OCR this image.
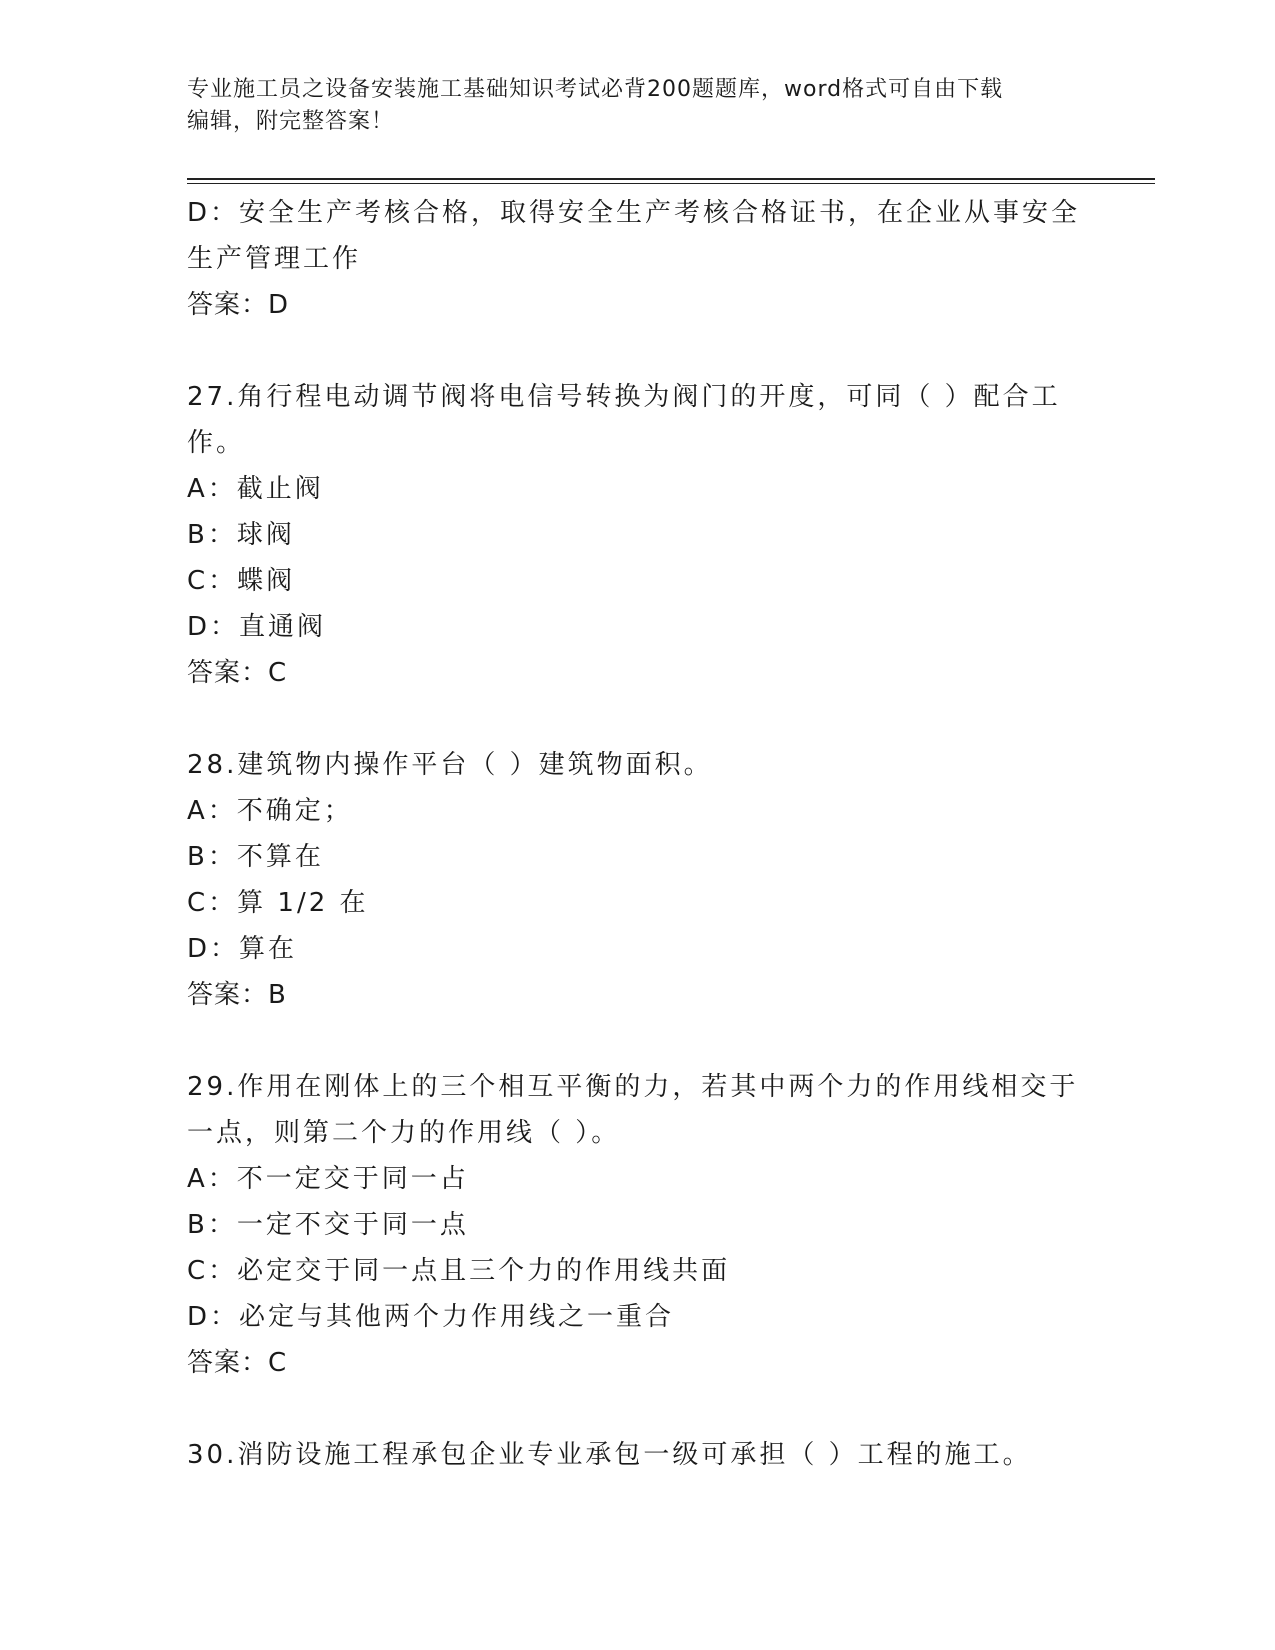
专业施工员之设备安装施工基础知识考试必背200题题库，word格式可自由下载
编辑，附完整答案！
D：安全生产考核合格，取得安全生产考核合格证书，在企业从事安全
生产管理工作
答案：D
27.角行程电动调节阀将电信号转换为阀门的开度，可同（ ）配合工
作。
A：截止阀
B：球阀
C：蝶阀
D：直通阀
答案：C
28.建筑物内操作平台（ ）建筑物面积。
A：不确定；
B：不算在
C：算 1/2 在
D：算在
答案：B
29.作用在刚体上的三个相互平衡的力，若其中两个力的作用线相交于
一点，则第二个力的作用线（ ）。
A：不一定交于同一占
B：一定不交于同一点
C：必定交于同一点且三个力的作用线共面
D：必定与其他两个力作用线之一重合
答案：C
30.消防设施工程承包企业专业承包一级可承担（ ）工程的施工。
